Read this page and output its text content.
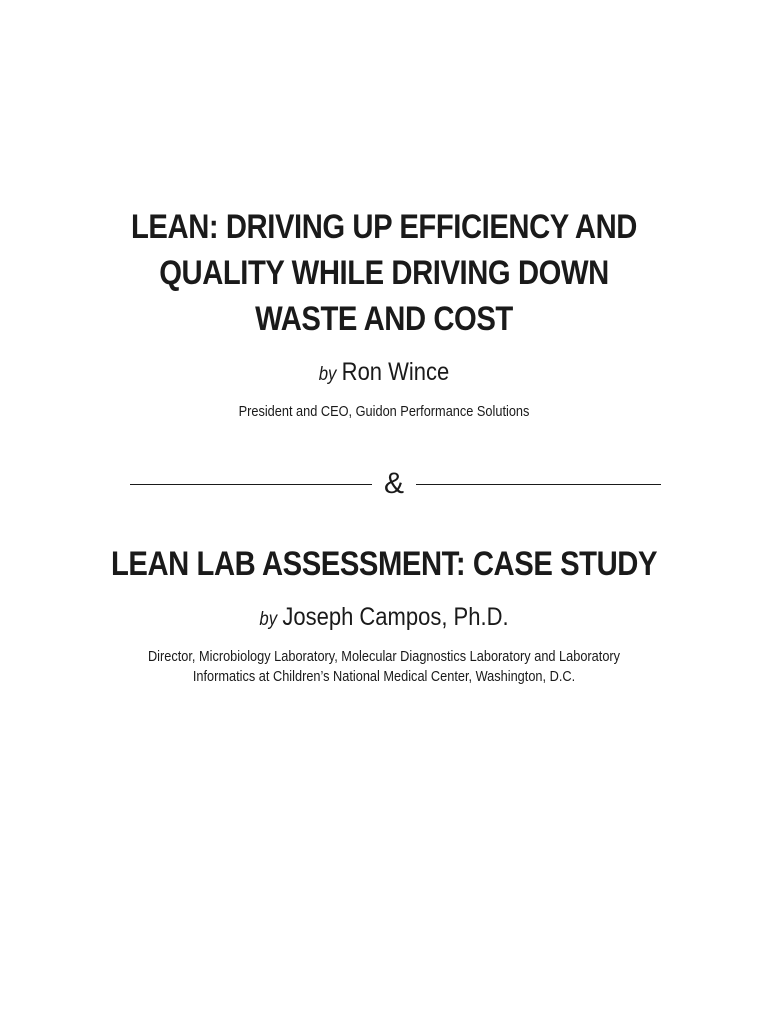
LEAN: DRIVING UP EFFICIENCY AND
QUALITY WHILE DRIVING DOWN
WASTE AND COST
by Ron Wince
President and CEO, Guidon Performance Solutions
&
LEAN LAB ASSESSMENT: CASE STUDY
by Joseph Campos, Ph.D.
Director, Microbiology Laboratory, Molecular Diagnostics Laboratory and Laboratory
Informatics at Children’s National Medical Center, Washington, D.C.
